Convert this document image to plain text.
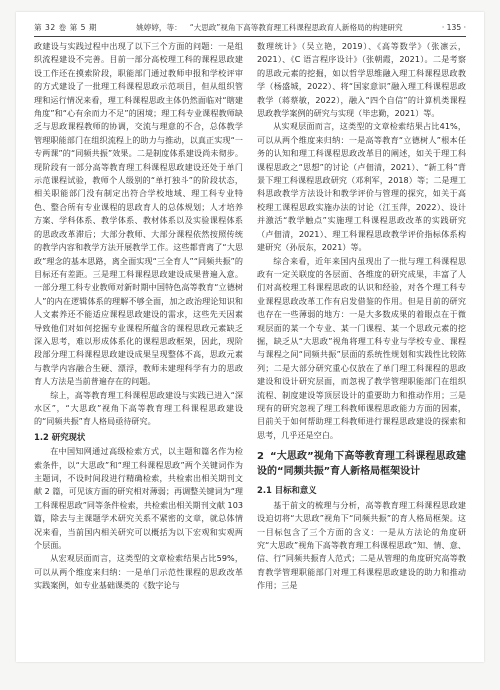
第 32 卷 第 5 期	姚婷婷，等： “大思政”视角下高等教育理工科课程思政育人新格局的构建研究	· 135 ·

政建设与实践过程中出现了以下三个方面的问题：一是组织流程建设不完善。目前一部分高校理工科的课程思政建设工作还在摸索阶段，职能部门通过教师申报和学校评审的方式建设了一批理工科课程思政示范项目，但从组织管理和运行情况来看，理工科课程思政主体仍然面临对“瞎建角度”和“心有余而力不足”的困境；理工科专业课程教师缺乏与思政课程教师的协调，交流与理意的不合，总体教学管理职能部门在组织流程上的助力与推动，以真正实现“一专两课”的“同频共振”效果。二是制度体系建设尚未彻步。现阶段有一部分高等教育理工科课程思政建设还处于单门示范课程试验，教师个人级别的“单打独斗”的阶段状态，相关职能部门没有制定出符合学校地域、理工科专业特色、整合所有专业课程的思政育人的总体规划；人才培养方案、学科体系、教学体系、教材体系以及实验课程体系的思政改革滞后；大部分教师、大部分课程依然按照传统的教学内容和教学方法开展教学工作。这些都背离了“大思政”理念的基本思路，离全面实现“三全育人”“同频共振”的目标还有差距。三是理工科课程思政建设成果普遍入意。一部分理工科专业教师对新时期中国特色高等教育“立德树人”的内在逻辑体系的理解不够全面，加之政治理论知识和人文素养还不能适应课程思政建设的需求，这些先天因素导致他们对如何挖掘专业课程所蕴含的课程思政元素缺乏深入思考，难以形成体系化的课程思政框架，因此，现阶段部分理工科课程思政建设成果呈现整体不高，思政元素与教学内容融合生硬、漂浮，教师未建理科学有力的思政育人方法是当前普遍存在的问题。

综上，高等教育理工科课程思政建设与实践已进入“深水区”，“大思政”视角下高等教育理工科课程思政建设的“同频共振”育人格局亟待研究。

1.2 研究现状

在中国知网通过高级检索方式，以主题和篇名作为检索条件，以“大思政”和“理工科课程思政”两个关键词作为主题词，不设时间段进行精确检索，共检索出相关期刊文献 2 篇，可见该方面的研究相对薄弱；再调整关键词为“理工科课程思政”同等条件检索，共检索出相关期刊文献 103 篇，除去与主课题学术研究关系不紧密的文章，就总体情况来看，当前国内相关研究可以概括为以下宏观和实观两个层面。

从宏观层面而言，这类型的文章检索结果占比59%，可以从两个维度来归纳：一是单门示范性课程的思政改革实践案例，如专业基础课类的《数字论与

数理统计》（吴立艳，2019）、《高等数学》（张凛云，2021）、《C 语言程序设计》（张朝霞，2021）。二是考察的思政元素的挖掘，如以哲学思维融入理工科课程思政教学（杨盛城，2022）、将“国家意识”融入理工科课程思政教学（蒋蔡敏，2022），融入“四个自信”的计算机类课程思政教学案例的研究与实现（毕忠勤，2021）等。

从实观层面而言，这类型的文章检索结果占比41%，可以从两个维度来归纳：一是高等教育“立德树人”根本任务的认知和理工科课程思政改革目的阐述，如关于理工科课程思政之“思想”的讨论（卢佃清，2021）、“新工科”背景下理工科课程思政研究（邓利军，2018）等；二是理工科思政教学方法设计和教学评价与管理的探究，如关于高校理工课程思政实施办法的讨论（江玉萍，2022）、设计并激活“教学触点”实施理工科课程思政改革的实践研究（卢佃清，2021）、理工科课程思政教学评价指标体系构建研究（孙辰东，2021）等。

综合来看，近年来国内虽现出了一批与理工科课程思政有一定关联度的各层面、各维度的研究成果，丰富了人们对高校理工科课程思政的认识和经验，对各个理工科专业课程思政改革工作有启发借鉴的作用。但是目前的研究也存在一些薄弱的地方：一是大多数成果的着眼点在于微观层面的某一个专业、某一门课程、某一个思政元素的挖掘，缺乏从“大思政”视角将理工科专业与学校专业、课程与课程之间“同频共振”层面的系统性规划和实践性比较陈列；二是大部分研究重心仅放在了单门理工科课程的思政建设和设计研究层面，而忽视了教学管理职能部门在组织流程、制度建设等顶层设计的重要助力和推动作用；三是现有的研究忽视了理工科教师课程思政能力方面的因素，目前关于如何帮助理工科教师进行课程思政建设的探索和思考，几乎还是空白。

2 “大思政”视角下高等教育理工科课程思政建设的“同频共振”育人新格局框架设计
2.1 目标和意义

基于前文的梳理与分析，高等教育理工科课程思政建设迫切将“大思政”视角下“同频共振”的育人格局框架。这一目标包含了三个方面的含义：一是从方法论的角度研究“大思政”视角下高等教育理工科课程思政“知、情、意、信、行”同频共振育人范式；二是从管理的角度研究高等教育教学管理职能部门对理工科课程思政建设的助力和推动作用；三是
